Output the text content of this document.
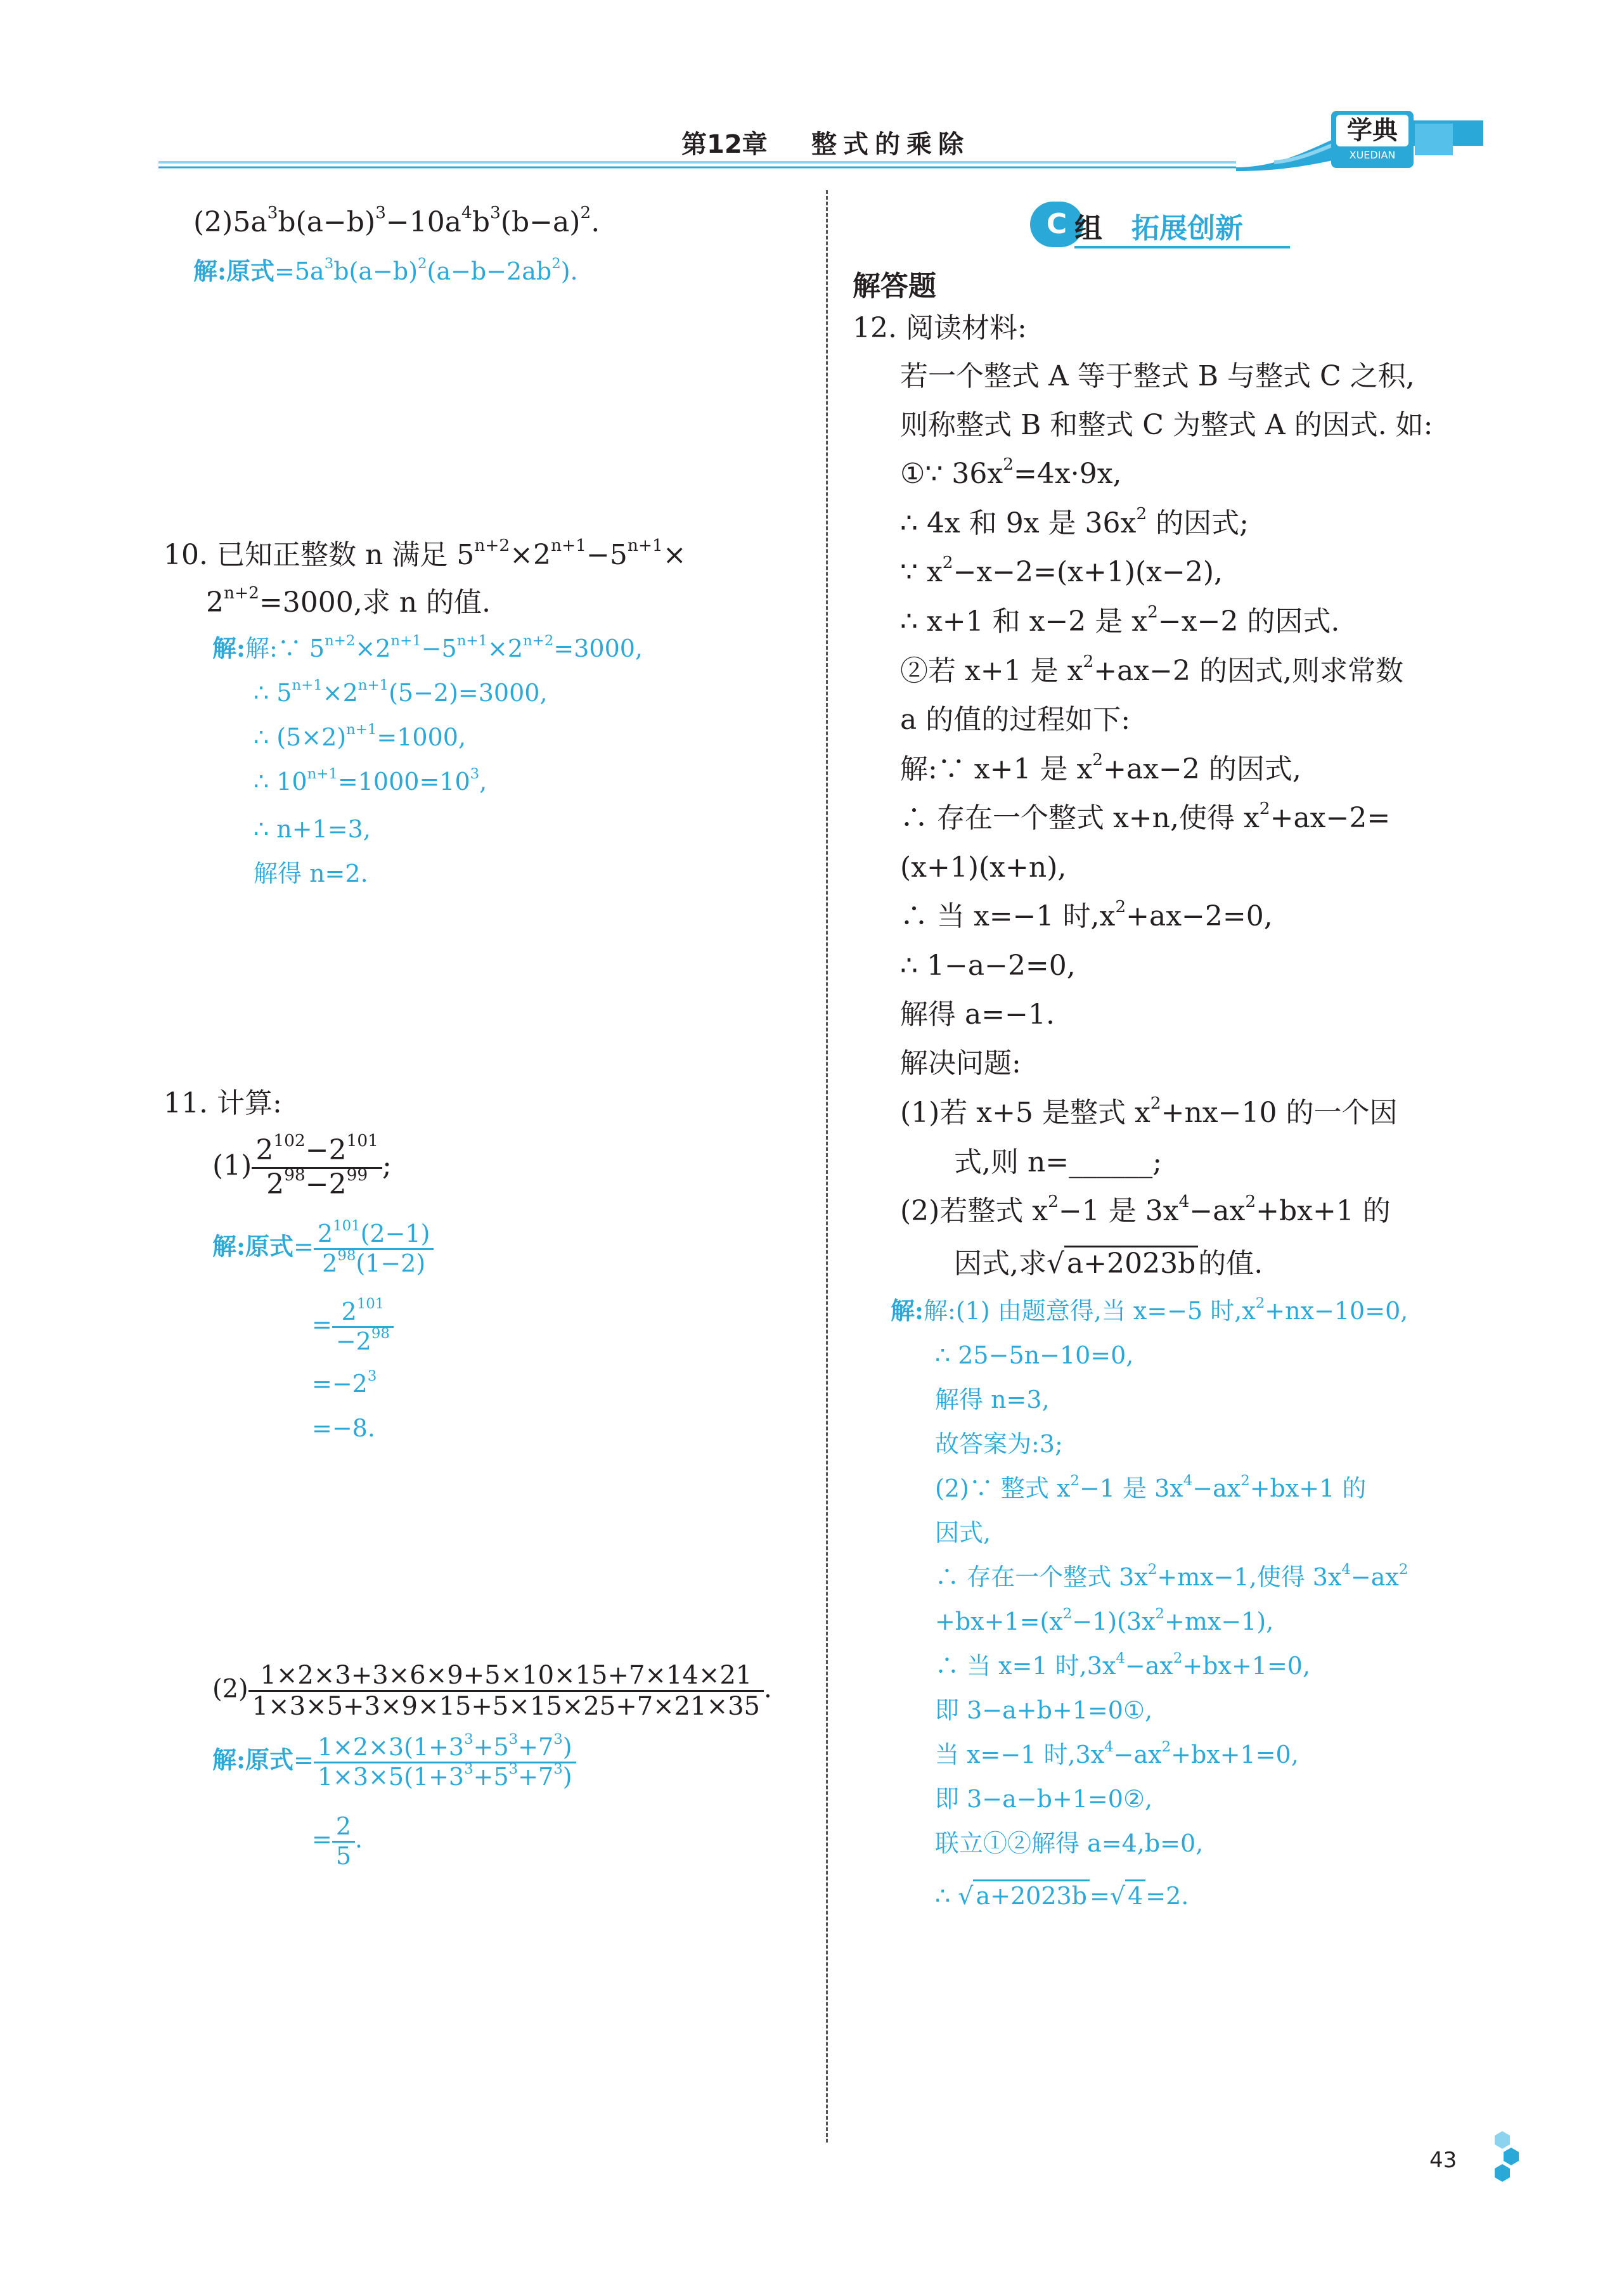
第12章 整式的乘除	学典
XUEDIAN
$(2)5a^3b(a-b)^3-10a^4b^3(b-a)^2$.
解:原式$=5a^3b(a-b)^2(a-b-2ab^2)$.
10. 已知正整数 n 满足 $5^{n+2}\times 2^{n+1}-5^{n+1}\times$
$2^{n+2}=3000$,求 n 的值.
解:解:∵ $5^{n+2}\times 2^{n+1}-5^{n+1}\times 2^{n+2}=3000$,
∴ $5^{n+1}\times 2^{n+1}(5-2)=3000$,
∴ $(5\times 2)^{n+1}=1000$,
∴ $10^{n+1}=1000=10^3$,
∴ n+1=3,
解得 n=2.
11. 计算:
$(1) \frac{2^{102}-2^{101}}{2^{98}-2^{99}}$ ;
解:原式= $\frac{2^{101}(2-1)}{2^{98}(1-2)}$
= $\frac{2^{101}}{-2^{98}}$
$=-2^3$
=−8.
$(2) \frac{1\times 2\times 3+3\times 6\times 9+5\times 10\times 15+7\times 14\times 21}{1\times 3\times 5+3\times 9\times 15+5\times 15\times 25+7\times 21\times 35}$ .
解:原式= $\frac{1\times 2\times 3(1+3^3+5^3+7^3)}{1\times 3\times 5(1+3^3+5^3+7^3)}$
= $\frac{2}{5}$ .
C 组 拓展创新
解答题
12. 阅读材料:
若一个整式 A 等于整式 B 与整式 C 之积,
则称整式 B 和整式 C 为整式 A 的因式. 如:
①∵ $36x^2=4x\cdot 9x$,
∴ 4x 和 9x 是 $36x^2$ 的因式;
∵ $x^2-x-2=(x+1)(x-2)$,
∴ x+1 和 x−2 是 $x^2-x-2$ 的因式.
②若 x+1 是 $x^2+ax-2$ 的因式,则求常数
a 的值的过程如下:
解:∵ x+1 是 $x^2+ax-2$ 的因式,
∴ 存在一个整式 x+n,使得 $x^2+ax-2=$
(x+1)(x+n),
∴ 当 x=−1 时$,x^2+ax-2=0$,
∴ 1−a−2=0,
解得 a=−1.
解决问题:
(1)若 x+5 是整式 $x^2+nx-10$ 的一个因
式,则 n=______;
(2)若整式 $x^2-1$ 是 $3x^4-ax^2+bx+1$ 的
因式,求√a+2023b的值.
解:解:(1) 由题意得,当 x=−5 时$,x^2+nx-10=0$,
∴ 25−5n−10=0,
解得 n=3,
故答案为:3;
(2)∵ 整式 $x^2-1$ 是 $3x^4-ax^2+bx+1$ 的
因式,
∴ 存在一个整式 $3x^2+mx-1$,使得 $3x^4-ax^2$
$+bx+1=(x^2-1)(3x^2+mx-1)$,
∴ 当 x=1 时$,3x^4-ax^2+bx+1=0$,
即 3−a+b+1=0①,
当 x=−1 时$,3x^4-ax^2+bx+1=0$,
即 3−a−b+1=0②,
联立①②解得 a=4,b=0,
∴ √ a+2023b =√ 4 =2.
43
